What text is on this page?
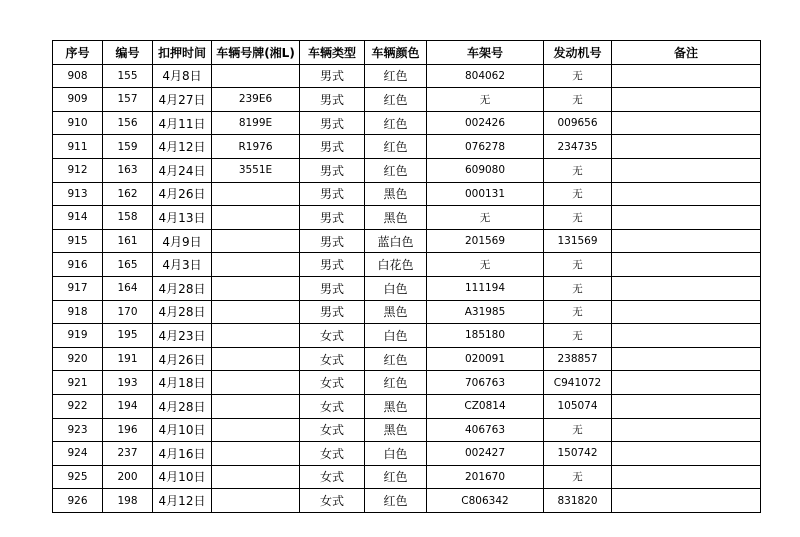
序号	编号	扣押时间	车辆号牌(湘L)	车辆类型	车辆颜色	车架号	发动机号	备注
908	155	4月8日		男式	红色	804062	无	
909	157	4月27日	239E6	男式	红色	无	无	
910	156	4月11日	8199E	男式	红色	002426	009656	
911	159	4月12日	R1976	男式	红色	076278	234735	
912	163	4月24日	3551E	男式	红色	609080	无	
913	162	4月26日		男式	黑色	000131	无	
914	158	4月13日		男式	黑色	无	无	
915	161	4月9日		男式	蓝白色	201569	131569	
916	165	4月3日		男式	白花色	无	无	
917	164	4月28日		男式	白色	111194	无	
918	170	4月28日		男式	黑色	A31985	无	
919	195	4月23日		女式	白色	185180	无	
920	191	4月26日		女式	红色	020091	238857	
921	193	4月18日		女式	红色	706763	C941072	
922	194	4月28日		女式	黑色	CZ0814	105074	
923	196	4月10日		女式	黑色	406763	无	
924	237	4月16日		女式	白色	002427	150742	
925	200	4月10日		女式	红色	201670	无	
926	198	4月12日		女式	红色	C806342	831820	
